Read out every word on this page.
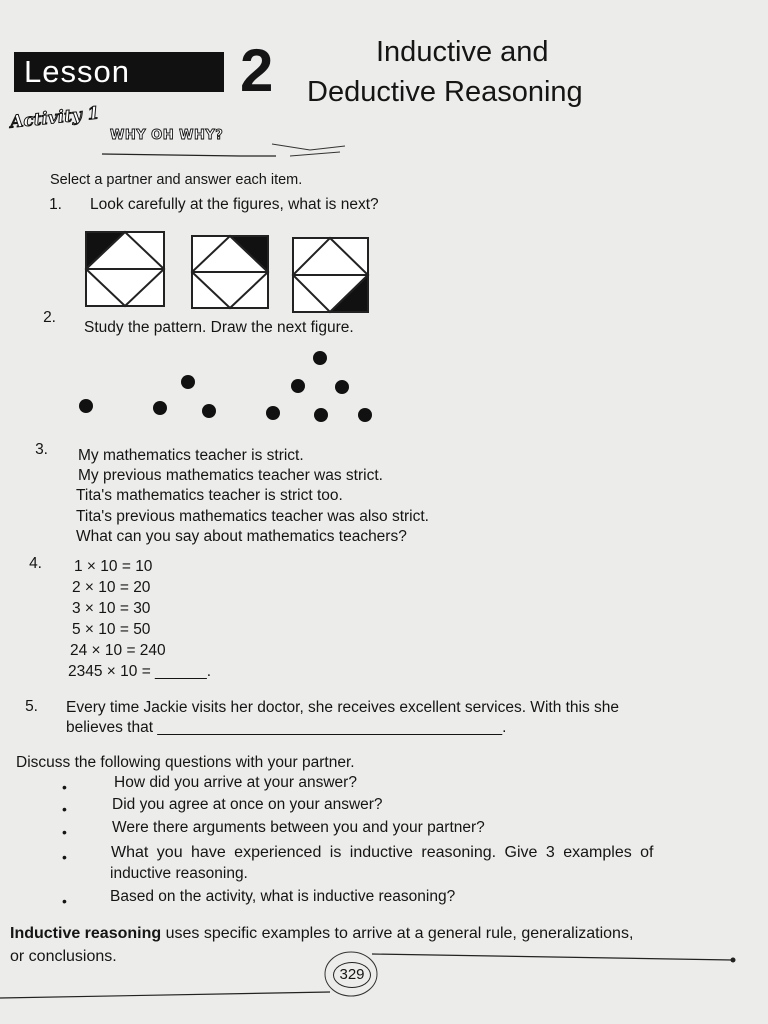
Lesson 2	Inductive and
Deductive Reasoning
Activity 1
WHY OH WHY?
Select a partner and answer each item.
1. Look carefully at the figures, what is next?
2.
Study the pattern. Draw the next figure.
3. My mathematics teacher is strict.
My previous mathematics teacher was strict.
Tita's mathematics teacher is strict too.
Tita's previous mathematics teacher was also strict.
What can you say about mathematics teachers?
4. 1 × 10 = 10
2 × 10 = 20
3 × 10 = 30
5 × 10 = 50
24 × 10 = 240
2345 × 10 = ______.
5. Every time Jackie visits her doctor, she receives excellent services. With this she
believes that ________________________________________.
Discuss the following questions with your partner.
•	How did you arrive at your answer?
•	Did you agree at once on your answer?
•	Were there arguments between you and your partner?
•	What you have experienced is inductive reasoning. Give 3 examples of
inductive reasoning.
•	Based on the activity, what is inductive reasoning?
Inductive reasoning uses specific examples to arrive at a general rule, generalizations,
or conclusions.
329
